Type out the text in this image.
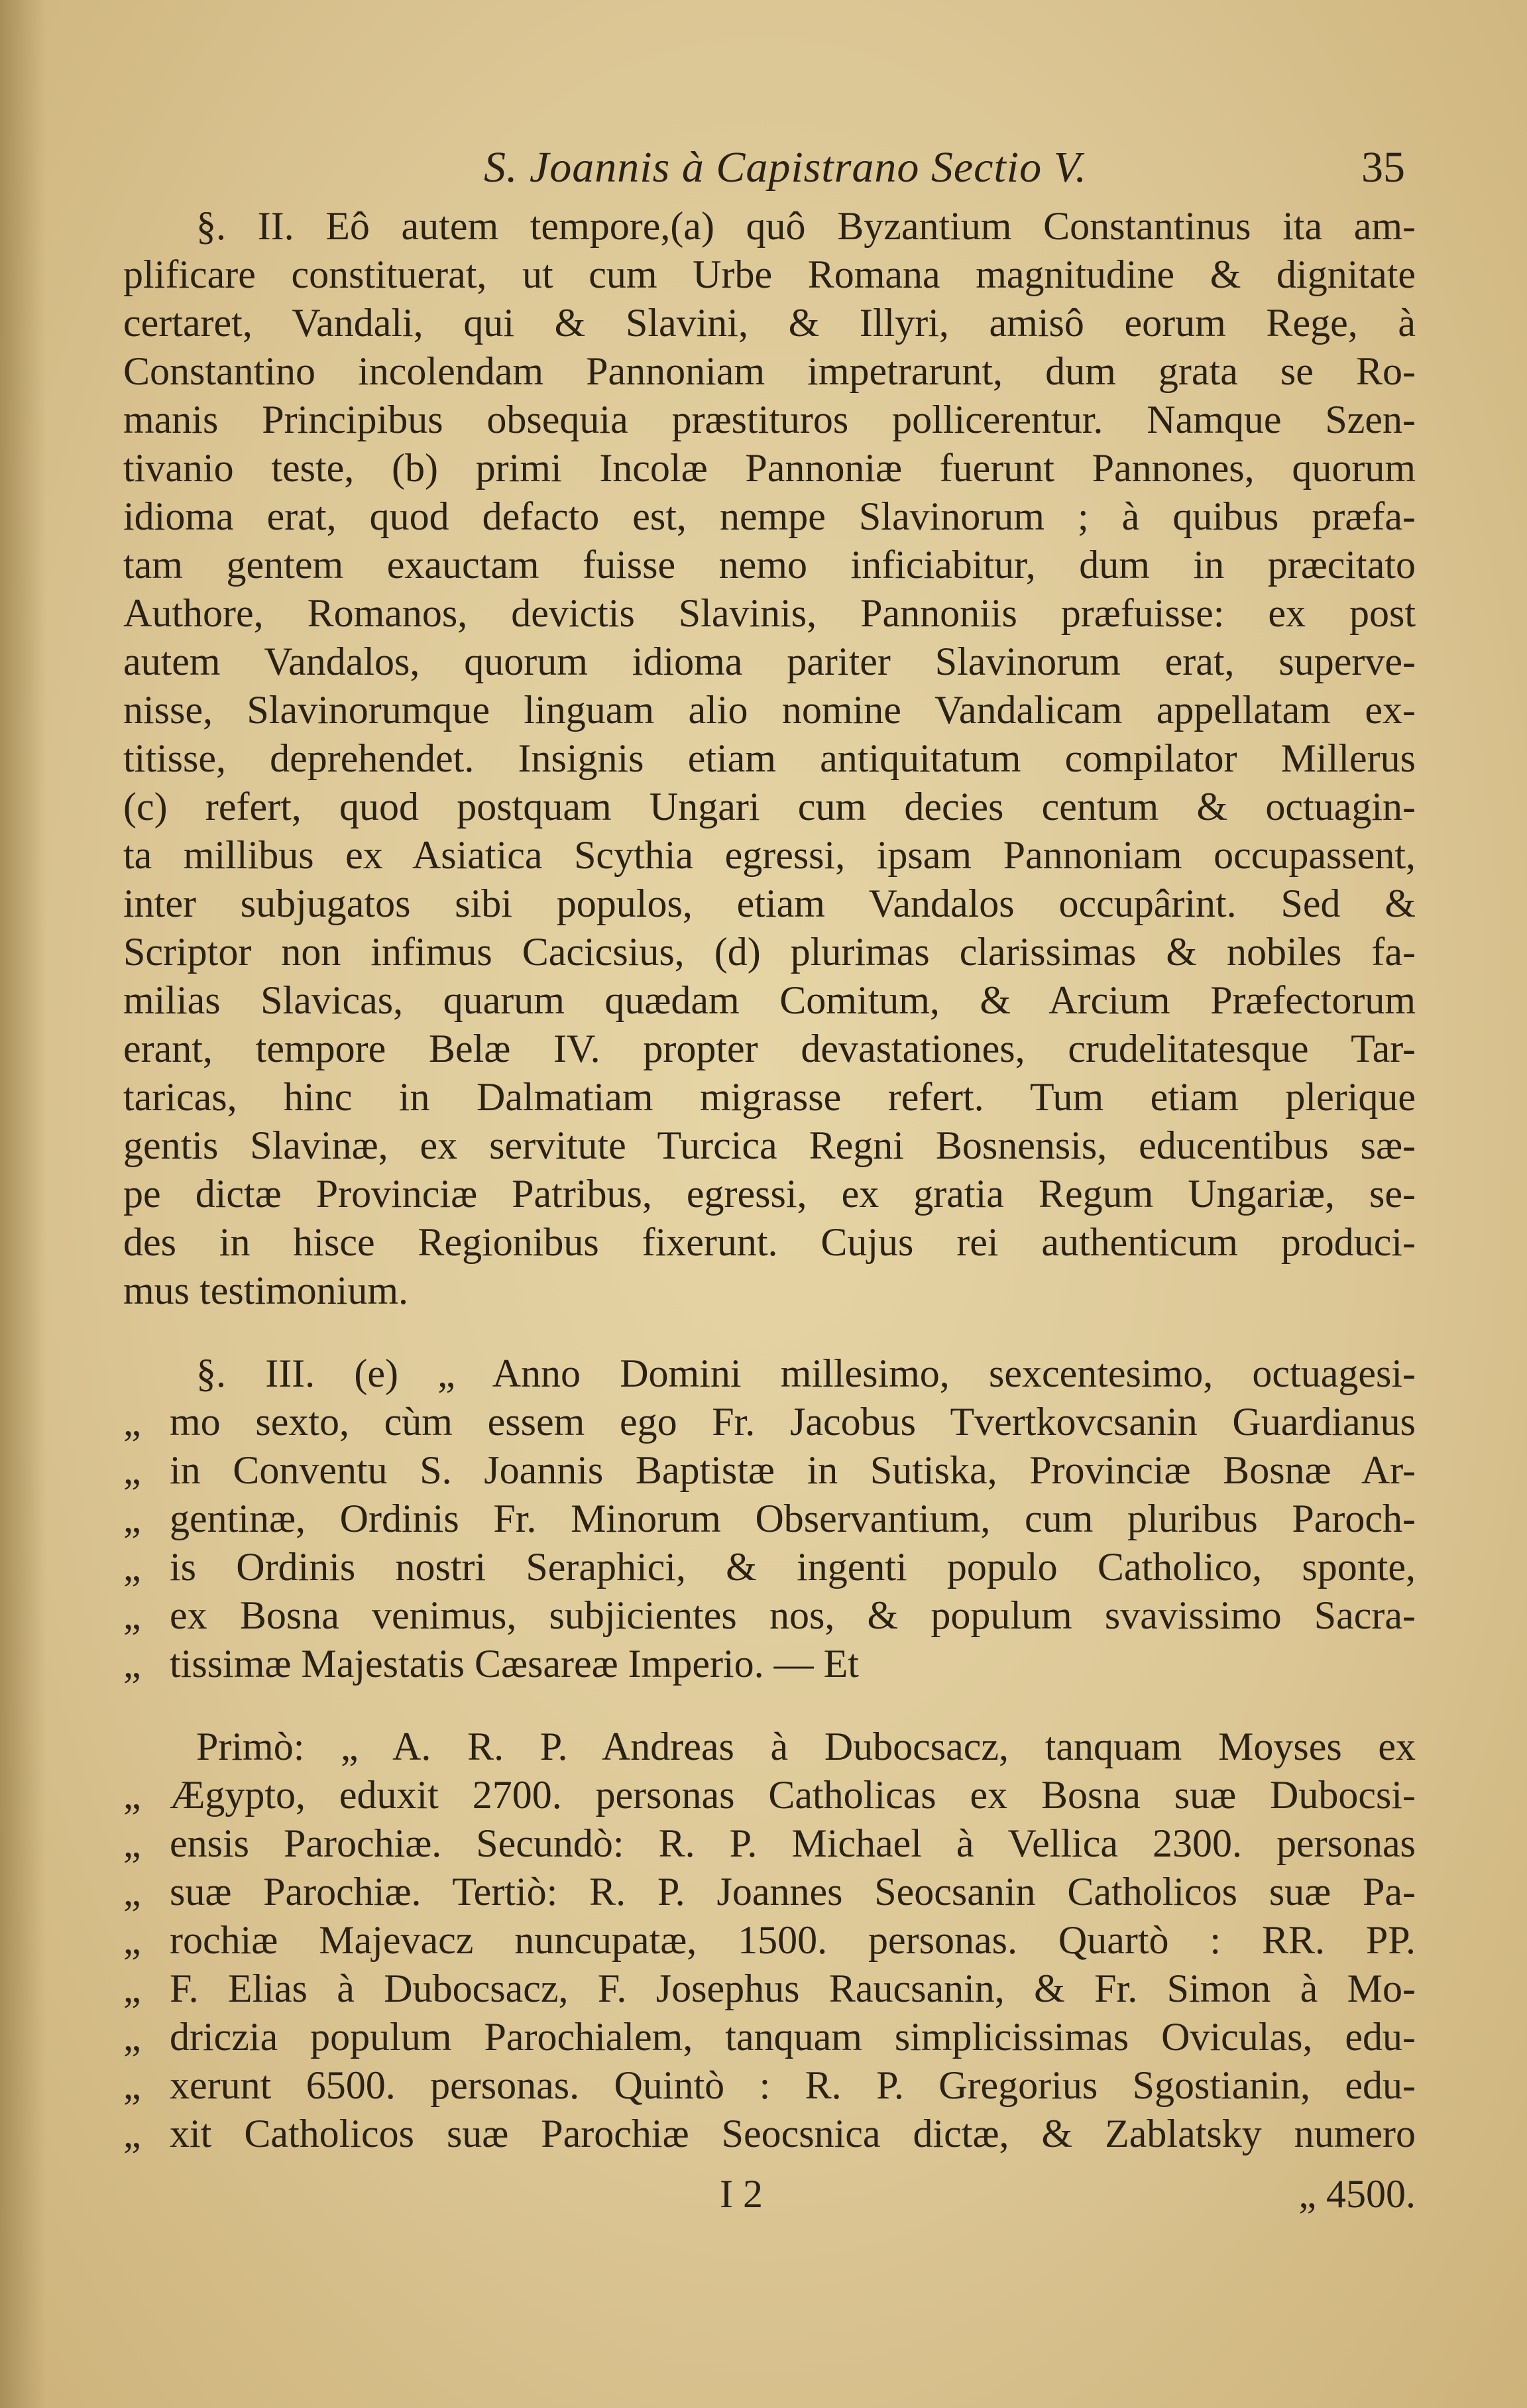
S. Joannis à Capistrano Sectio V.	35
§. II. Eô autem tempore,(a) quô Byzantium Constantinus ita am-
plificare constituerat, ut cum Urbe Romana magnitudine & dignitate
certaret, Vandali, qui & Slavini, & Illyri, amisô eorum Rege, à
Constantino incolendam Pannoniam impetrarunt, dum grata se Ro-
manis Principibus obsequia præstituros pollicerentur. Namque Szen-
tivanio teste, (b) primi Incolæ Pannoniæ fuerunt Pannones, quorum
idioma erat, quod defacto est, nempe Slavinorum ; à quibus præfa-
tam gentem exauctam fuisse nemo inficiabitur, dum in præcitato
Authore, Romanos, devictis Slavinis, Pannoniis præfuisse: ex post
autem Vandalos, quorum idioma pariter Slavinorum erat, superve-
nisse, Slavinorumque linguam alio nomine Vandalicam appellatam ex-
titisse, deprehendet. Insignis etiam antiquitatum compilator Millerus
(c) refert, quod postquam Ungari cum decies centum & octuagin-
ta millibus ex Asiatica Scythia egressi, ipsam Pannoniam occupassent,
inter subjugatos sibi populos, etiam Vandalos occupârint. Sed &
Scriptor non infimus Cacicsius, (d) plurimas clarissimas & nobiles fa-
milias Slavicas, quarum quædam Comitum, & Arcium Præfectorum
erant, tempore Belæ IV. propter devastationes, crudelitatesque Tar-
taricas, hinc in Dalmatiam migrasse refert. Tum etiam plerique
gentis Slavinæ, ex servitute Turcica Regni Bosnensis, educentibus sæ-
pe dictæ Provinciæ Patribus, egressi, ex gratia Regum Ungariæ, se-
des in hisce Regionibus fixerunt. Cujus rei authenticum produci-
mus testimonium.
§. III. (e) „ Anno Domini millesimo, sexcentesimo, octuagesi-
„ mo sexto, cùm essem ego Fr. Jacobus Tvertkovcsanin Guardianus
„ in Conventu S. Joannis Baptistæ in Sutiska, Provinciæ Bosnæ Ar-
„ gentinæ, Ordinis Fr. Minorum Observantium, cum pluribus Paroch-
„ is Ordinis nostri Seraphici, & ingenti populo Catholico, sponte,
„ ex Bosna venimus, subjicientes nos, & populum svavissimo Sacra-
„ tissimæ Majestatis Cæsareæ Imperio. — Et
Primò: „ A. R. P. Andreas à Dubocsacz, tanquam Moyses ex
„ Ægypto, eduxit 2700. personas Catholicas ex Bosna suæ Dubocsi-
„ ensis Parochiæ. Secundò: R. P. Michael à Vellica 2300. personas
„ suæ Parochiæ. Tertiò: R. P. Joannes Seocsanin Catholicos suæ Pa-
„ rochiæ Majevacz nuncupatæ, 1500. personas. Quartò : RR. PP.
„ F. Elias à Dubocsacz, F. Josephus Raucsanin, & Fr. Simon à Mo-
„ driczia populum Parochialem, tanquam simplicissimas Oviculas, edu-
„ xerunt 6500. personas. Quintò : R. P. Gregorius Sgostianin, edu-
„ xit Catholicos suæ Parochiæ Seocsnica dictæ, & Zablatsky numero
I 2	„ 4500.
